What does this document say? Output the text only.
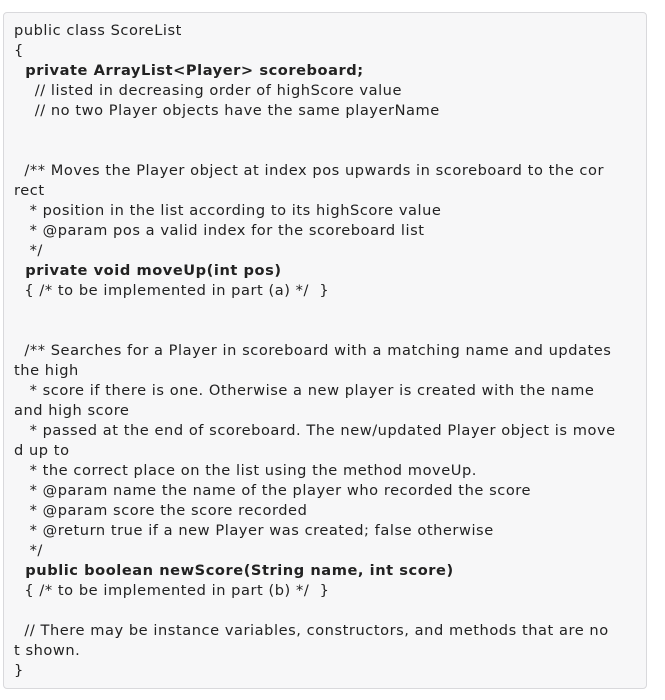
public class ScoreList
{
private ArrayList<Player> scoreboard;
// listed in decreasing order of highScore value
// no two Player objects have the same playerName
/** Moves the Player object at index pos upwards in scoreboard to the cor
rect
* position in the list according to its highScore value
* @param pos a valid index for the scoreboard list
*/
private void moveUp(int pos)
{ /* to be implemented in part (a) */  }
/** Searches for a Player in scoreboard with a matching name and updates
the high
* score if there is one. Otherwise a new player is created with the name
and high score
* passed at the end of scoreboard. The new/updated Player object is move
d up to
* the correct place on the list using the method moveUp.
* @param name the name of the player who recorded the score
* @param score the score recorded
* @return true if a new Player was created; false otherwise
*/
public boolean newScore(String name, int score)
{ /* to be implemented in part (b) */  }
// There may be instance variables, constructors, and methods that are no
t shown.
}
